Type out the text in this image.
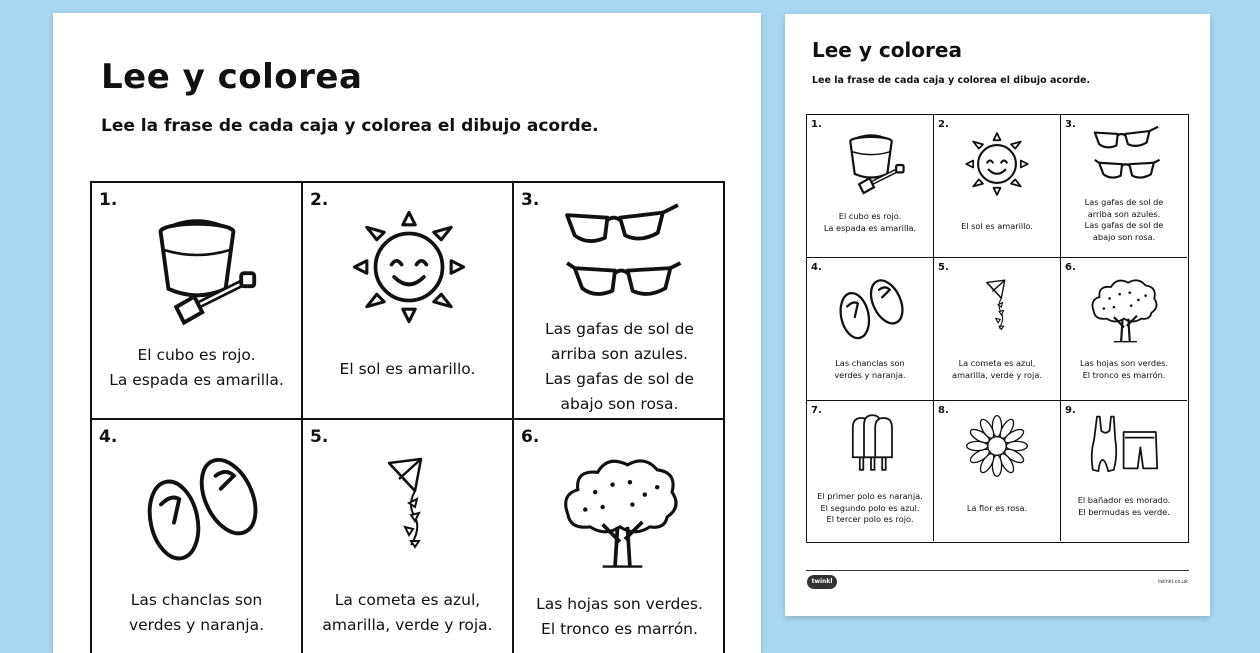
Lee y colorea
Lee la frase de cada caja y colorea el dibujo acorde.
1.
El cubo es rojo.
La espada es amarilla.
2.
El sol es amarillo.
3.
Las gafas de sol de
arriba son azules.
Las gafas de sol de
abajo son rosa.
4.
Las chanclas son
verdes y naranja.
5.
La cometa es azul,
amarilla, verde y roja.
6.
Las hojas son verdes.
El tronco es marrón.
Lee y colorea
Lee la frase de cada caja y colorea el dibujo acorde.
1.
El cubo es rojo.
La espada es amarilla.
2.
El sol es amarillo.
3.
Las gafas de sol de
arriba son azules.
Las gafas de sol de
abajo son rosa.
4.
Las chanclas son
verdes y naranja.
5.
La cometa es azul,
amarilla, verde y roja.
6.
Las hojas son verdes.
El tronco es marrón.
7.
El primer polo es naranja.
El segundo polo es azul.
El tercer polo es rojo.
8.
La flor es rosa.
9.
El bañador es morado.
El bermudas es verde.
twinkl	twinkl.co.uk
